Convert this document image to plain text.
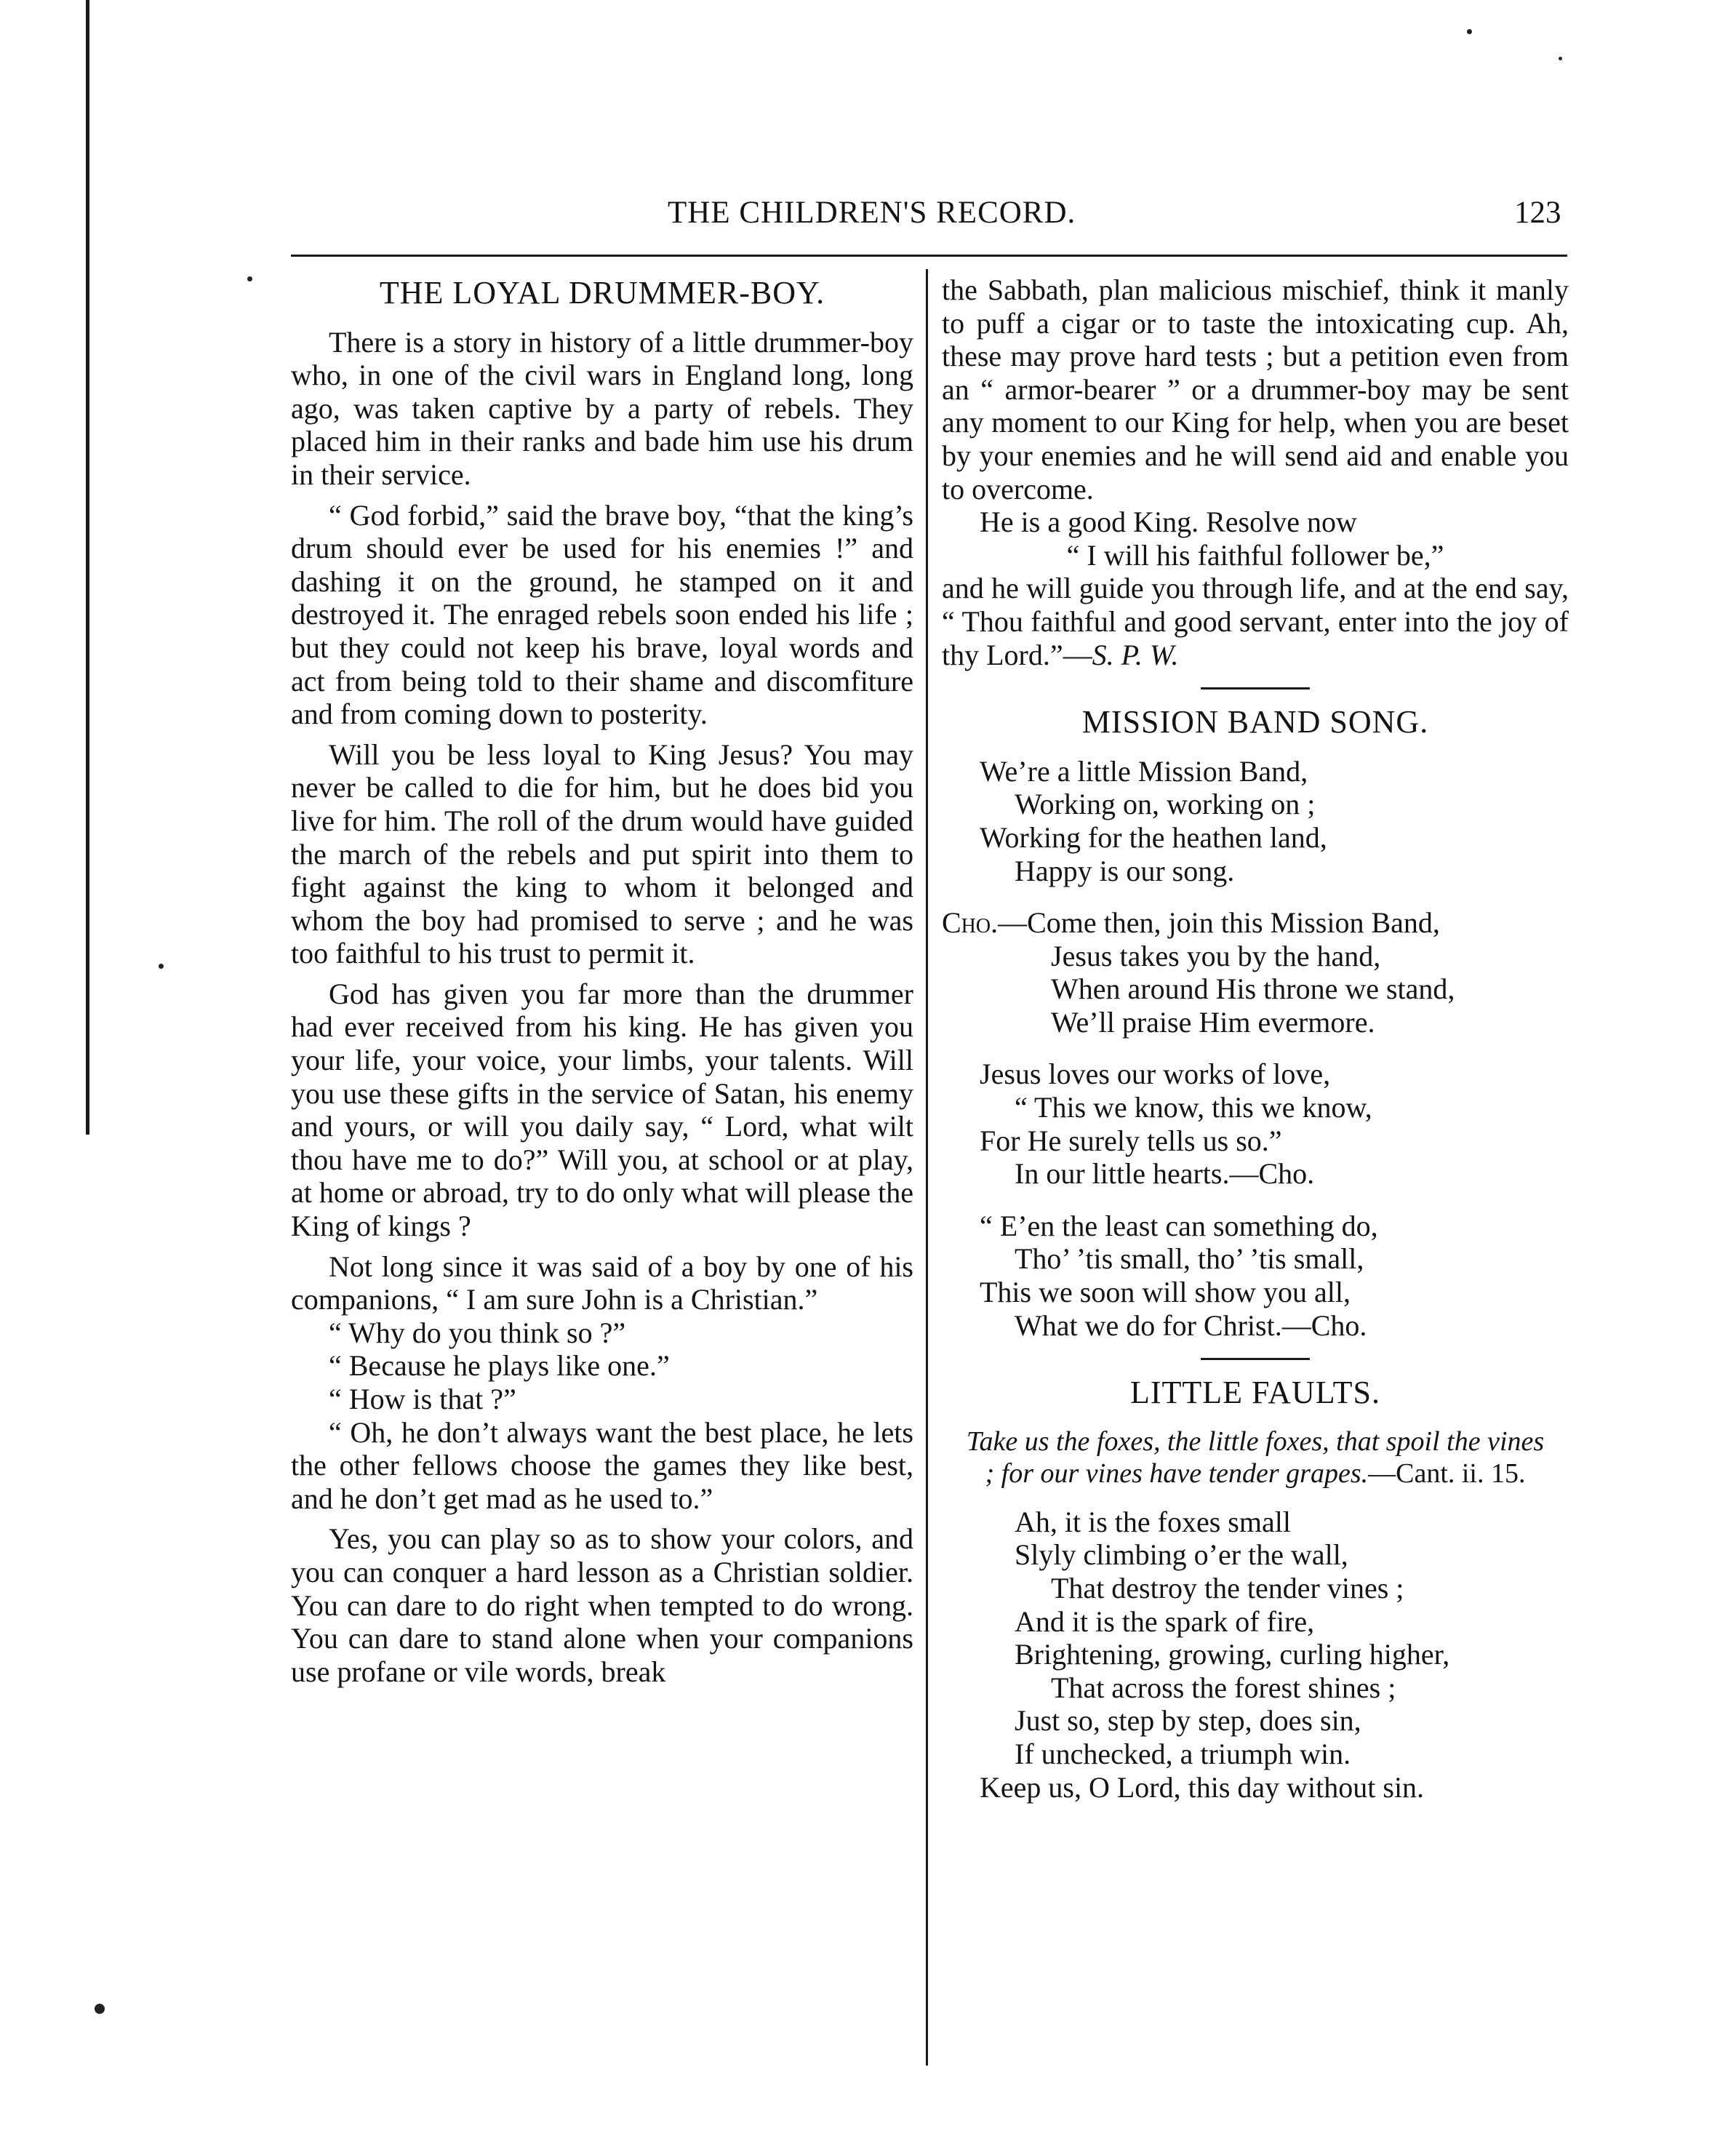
THE CHILDREN'S RECORD.	123
THE LOYAL DRUMMER-BOY.

There is a story in history of a little drummer-boy who, in one of the civil wars in England long, long ago, was taken captive by a party of rebels. They placed him in their ranks and bade him use his drum in their service.

“ God forbid,” said the brave boy, “that the king’s drum should ever be used for his enemies !” and dashing it on the ground, he stamped on it and destroyed it. The enraged rebels soon ended his life ; but they could not keep his brave, loyal words and act from being told to their shame and discomfiture and from coming down to posterity.

Will you be less loyal to King Jesus? You may never be called to die for him, but he does bid you live for him. The roll of the drum would have guided the march of the rebels and put spirit into them to fight against the king to whom it belonged and whom the boy had promised to serve ; and he was too faithful to his trust to permit it.

God has given you far more than the drummer had ever received from his king. He has given you your life, your voice, your limbs, your talents. Will you use these gifts in the service of Satan, his enemy and yours, or will you daily say, “ Lord, what wilt thou have me to do?” Will you, at school or at play, at home or abroad, try to do only what will please the King of kings ?

Not long since it was said of a boy by one of his companions, “ I am sure John is a Christian.”

“ Why do you think so ?”

“ Because he plays like one.”

“ How is that ?”

“ Oh, he don’t always want the best place, he lets the other fellows choose the games they like best, and he don’t get mad as he used to.”

Yes, you can play so as to show your colors, and you can conquer a hard lesson as a Christian soldier. You can dare to do right when tempted to do wrong. You can dare to stand alone when your companions use profane or vile words, break

the Sabbath, plan malicious mischief, think it manly to puff a cigar or to taste the intoxicating cup. Ah, these may prove hard tests ; but a petition even from an “ armor-bearer ” or a drummer-boy may be sent any moment to our King for help, when you are beset by your enemies and he will send aid and enable you to overcome.

He is a good King. Resolve now

“ I will his faithful follower be,”

and he will guide you through life, and at the end say, “ Thou faithful and good servant, enter into the joy of thy Lord.”—S. P. W.

MISSION BAND SONG.
We’re a little Mission Band,
Working on, working on ;
Working for the heathen land,
Happy is our song.
Cho.—Come then, join this Mission Band,
Jesus takes you by the hand,
When around His throne we stand,
We’ll praise Him evermore.
Jesus loves our works of love,
“ This we know, this we know,
For He surely tells us so.”
In our little hearts.—Cho.
“ E’en the least can something do,
Tho’ ’tis small, tho’ ’tis small,
This we soon will show you all,
What we do for Christ.—Cho.
LITTLE FAULTS.
Take us the foxes, the little foxes, that spoil the vines ; for our vines have tender grapes.—Cant. ii. 15.
Ah, it is the foxes small
Slyly climbing o’er the wall,
That destroy the tender vines ;
And it is the spark of fire,
Brightening, growing, curling higher,
That across the forest shines ;
Just so, step by step, does sin,
If unchecked, a triumph win.
Keep us, O Lord, this day without sin.
